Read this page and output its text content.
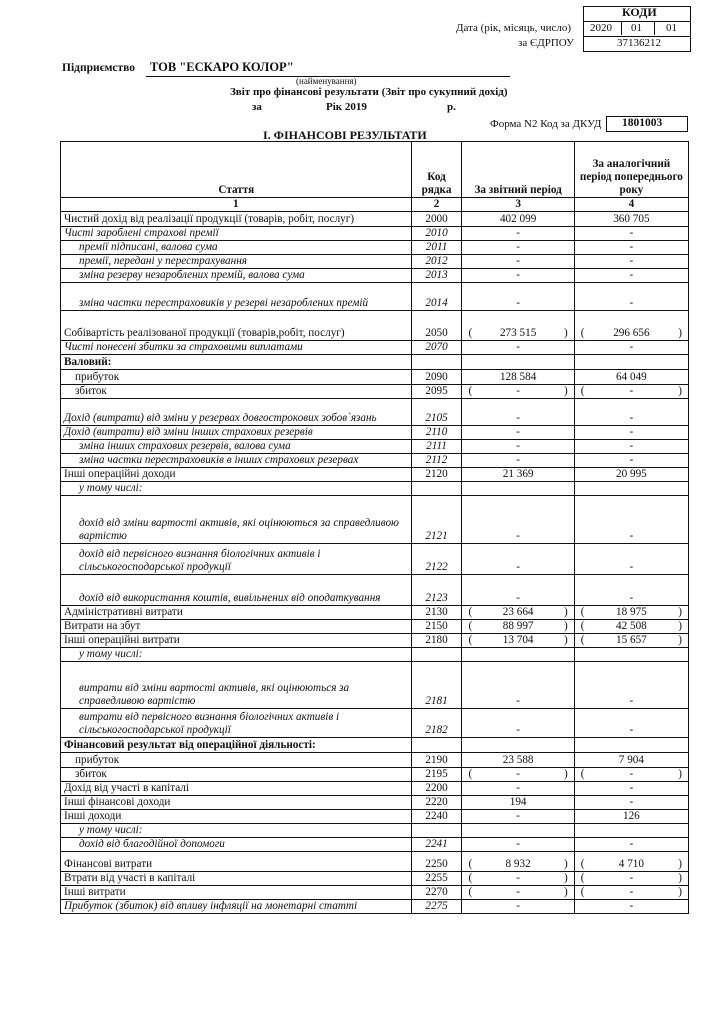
КОДИ
Дата (рік, місяць, число) 2020 01 01
за ЄДРПОУ	37136212
Підприємство ТОВ "ЕСКАРО КОЛОР"
(найменування)
Звіт про фінансові результати (Звіт про сукупний дохід)
за	Рік 2019	р.
Форма N2 Код за ДКУД 1801003
I. ФІНАНСОВІ РЕЗУЛЬТАТИ
Стаття	Код рядка	За звітний період	За аналогічний період попереднього року
1	2	3	4
Чистий дохід від реалізації продукції (товарів, робіт, послуг)	2000	402 099	360 705
Чисті зароблені страхові премії	2010	-	-
премії підписані, валова сума	2011	-	-
премії, передані у перестрахування	2012	-	-
зміна резерву незароблених премій, валова сума	2013	-	-
зміна частки перестраховиків у резерві незароблених премій	2014	-	-
Собівартість реалізованої продукції (товарів,робіт, послуг)	2050	( 273 515 )	( 296 656 )

Чисті понесені збитки за страховими виплатами	2070	-	-
Валовий:			
прибуток	2090	128 584	64 049
збиток	2095	( - )	( - )

Дохід (витрати) від зміни у резервах довгострокових зобов`язань	2105	-	-
Дохід (витрати) від зміни інших страхових резервів	2110	-	-
зміна інших страхових резервів, валова сума	2111	-	-
зміна частки перестраховиків в інших страхових резервах	2112	-	-
Інші операційні доходи	2120	21 369	20 995
у тому числі:			
дохід від зміни вартості активів, які оцінюються за справедливою вартістю	2121	-	-
дохід від первісного визнання біологічних активів і сільськогосподарської продукції	2122	-	-
дохід від використання коштів, вивільнених від оподаткування	2123	-	-
Адміністративні витрати	2130	( 23 664 )	( 18 975 )

Витрати на збут	2150	( 88 997 )	( 42 508 )

Інші операційні витрати	2180	( 13 704 )	( 15 657 )

у тому числі:			
витрати від зміни вартості активів, які оцінюються за справедливою вартістю	2181	-	-
витрати від первісного визнання біологічних активів і сільськогосподарської продукції	2182	-	-
Фінансовий результат від операційної діяльності:			
прибуток	2190	23 588	7 904
збиток	2195	( - )	( - )

Дохід від участі в капіталі	2200	-	-
Інші фінансові доходи	2220	194	-
Інші доходи	2240	-	126
у тому числі:			
дохід від благодійної допомоги	2241	-	-
Фінансові витрати	2250	( 8 932 )	( 4 710 )

Втрати від участі в капіталі	2255	( - )	( - )

Інші витрати	2270	( - )	( - )

Прибуток (збиток) від впливу інфляції на монетарні статті	2275	-	-
